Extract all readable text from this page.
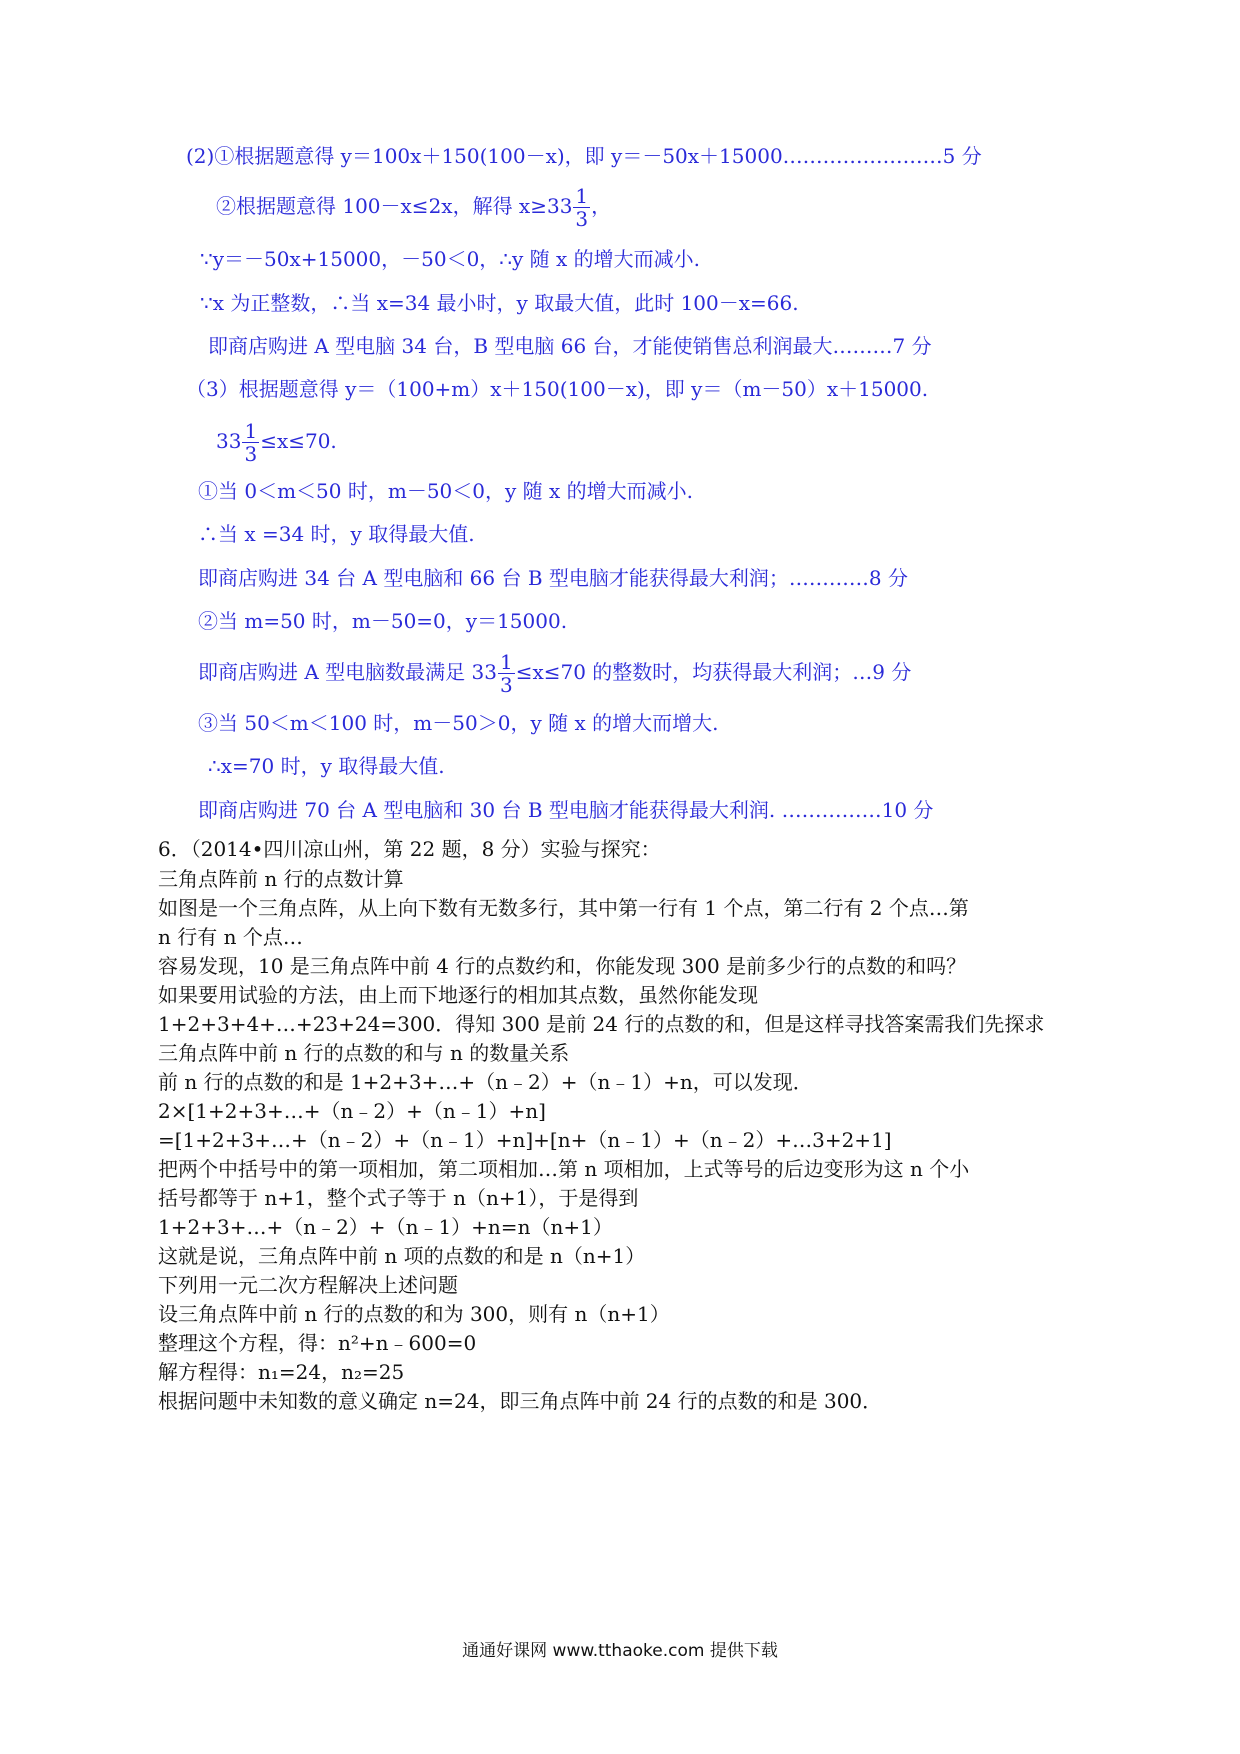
(2)①根据题意得 y＝100x＋150(100－x)，即 y＝－50x＋15000……………………5 分
②根据题意得 100－x≤2x，解得 $x\ge 33 \frac{1}{3}$ ，
∵y＝－50x+15000，－50＜0，∴y 随 x 的增大而减小.
∵x 为正整数，∴当 x=34 最小时，y 取最大值，此时 100－x=66.
即商店购进 A 型电脑 34 台，B 型电脑 66 台，才能使销售总利润最大………7 分
（3）根据题意得 y＝（100+m）x＋150(100－x)，即 y＝（m－50）x＋15000.
$33 \frac{1}{3} \le x\le 70$.
①当 0＜m＜50 时，m－50＜0，y 随 x 的增大而减小.
∴当 x =34 时，y 取得最大值.
即商店购进 34 台 A 型电脑和 66 台 B 型电脑才能获得最大利润；…………8 分
②当 m=50 时，m－50=0，y＝15000.
即商店购进 A 型电脑数最满足 $33 \frac{1}{3} \le x\le 70$ 的整数时，均获得最大利润；…9 分
③当 50＜m＜100 时，m－50＞0，y 随 x 的增大而增大.
∴x=70 时，y 取得最大值.
即商店购进 70 台 A 型电脑和 30 台 B 型电脑才能获得最大利润. ……………10 分
6．（2014•四川凉山州，第 22 题，8 分）实验与探究：
三角点阵前 n 行的点数计算
如图是一个三角点阵，从上向下数有无数多行，其中第一行有 1 个点，第二行有 2 个点…第
n 行有 n 个点…
容易发现，10 是三角点阵中前 4 行的点数约和，你能发现 300 是前多少行的点数的和吗？
如果要用试验的方法，由上而下地逐行的相加其点数，虽然你能发现
1+2+3+4+…+23+24=300．得知 300 是前 24 行的点数的和，但是这样寻找答案需我们先探求
三角点阵中前 n 行的点数的和与 n 的数量关系
前 n 行的点数的和是 1+2+3+…+（n﹣2）+（n﹣1）+n，可以发现．
2×[1+2+3+…+（n﹣2）+（n﹣1）+n]
=[1+2+3+…+（n﹣2）+（n﹣1）+n]+[n+（n﹣1）+（n﹣2）+…3+2+1]
把两个中括号中的第一项相加，第二项相加…第 n 项相加，上式等号的后边变形为这 n 个小
括号都等于 n+1，整个式子等于 n（n+1），于是得到
1+2+3+…+（n﹣2）+（n﹣1）+n=n（n+1）
这就是说，三角点阵中前 n 项的点数的和是 n（n+1）
下列用一元二次方程解决上述问题
设三角点阵中前 n 行的点数的和为 300，则有 n（n+1）
整理这个方程，得：n²+n﹣600=0
解方程得：n₁=24，n₂=25
根据问题中未知数的意义确定 n=24，即三角点阵中前 24 行的点数的和是 300．
通通好课网 www.tthaoke.com 提供下载
